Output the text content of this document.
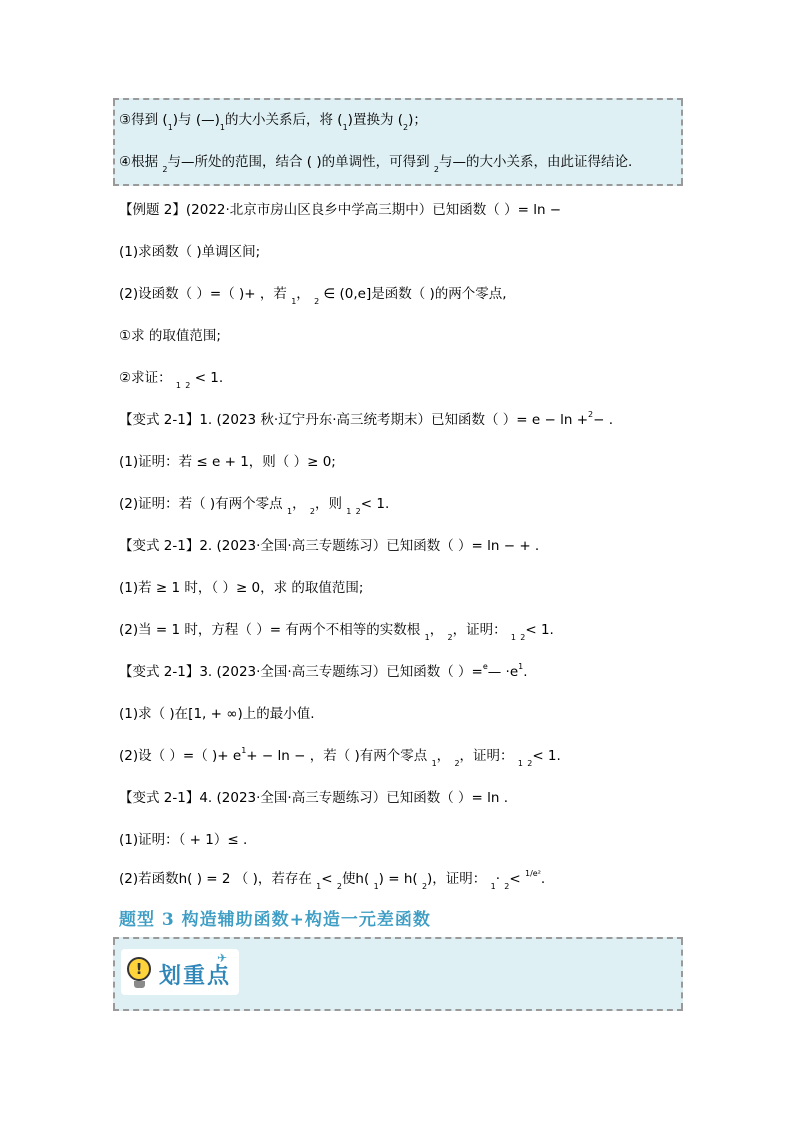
③得到 $(_1)$与 $(—)_1$的大小关系后，将 $(_1)$置换为 $(_2)$；
④根据 $_2$与—所处的范围，结合 ( )的单调性，可得到 $_2$与—的大小关系，由此证得结论.
【例题 2】(2022·北京市房山区良乡中学高三期中）已知函数（ ）= ln −
(1)求函数（ )单调区间;
(2)设函数（ ）=（ )+ ，若 $_1$， $_2$ ∈ (0,e]是函数（ )的两个零点,
①求 的取值范围;
②求证： $_1$ $_2$ < 1.
【变式 2-1】1. (2023 秋·辽宁丹东·高三统考期末）已知函数（ ）= e − ln +$^2$− .
(1)证明：若 ≤ e + 1，则（ ）≥ 0;
(2)证明：若（ )有两个零点 $_1$， $_2$，则 $_1$ $_2$< 1.
【变式 2-1】2. (2023·全国·高三专题练习）已知函数（ ）= ln − + .
(1)若 ≥ 1 时，（ ）≥ 0，求 的取值范围;
(2)当 = 1 时，方程（ ）= 有两个不相等的实数根 $_1$， $_2$，证明： $_1$ $_2$< 1.
【变式 2-1】3. (2023·全国·高三专题练习）已知函数（ ）=$^e$— $\cdot e^1$.
(1)求（ )在[1, + ∞)上的最小值.
(2)设（ ）=（ )+ $e^1+ - \ln$ − ，若（ )有两个零点 $_1$， $_2$，证明： $_1$ $_2$< 1.
【变式 2-1】4. (2023·全国·高三专题练习）已知函数（ ）= ln .
(1)证明：（ + 1）≤ .
(2)若函数h( ) = 2 （ )，若存在 $_1$< $_2$使h( $_1$) = h( $_2$)，证明： $_1$· $_2$< $^{1/e^2}$.
题型 3 构造辅助函数+构造一元差函数
! 划重点
✈
